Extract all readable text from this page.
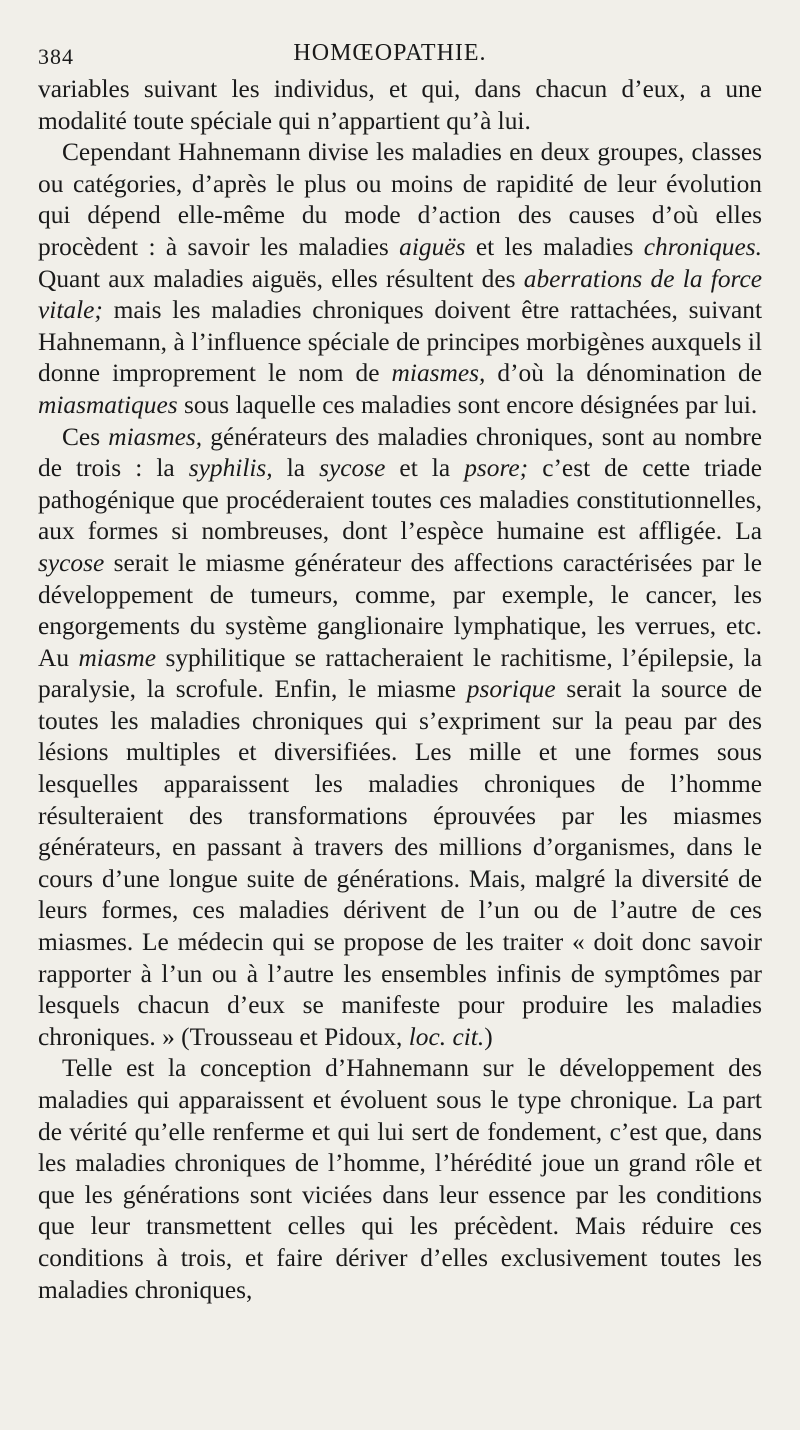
384	HOMŒOPATHIE.

variables suivant les individus, et qui, dans chacun d’eux, a une modalité toute spéciale qui n’appartient qu’à lui.

Cependant Hahnemann divise les maladies en deux groupes, classes ou catégories, d’après le plus ou moins de rapidité de leur évolution qui dépend elle-même du mode d’action des causes d’où elles procèdent : à savoir les maladies aiguës et les maladies chroniques. Quant aux maladies aiguës, elles résultent des aberrations de la force vitale; mais les maladies chroniques doivent être rattachées, suivant Hahnemann, à l’influence spéciale de principes morbigènes auxquels il donne improprement le nom de miasmes, d’où la dénomination de miasmatiques sous laquelle ces maladies sont encore désignées par lui.

Ces miasmes, générateurs des maladies chroniques, sont au nombre de trois : la syphilis, la sycose et la psore; c’est de cette triade pathogénique que procéderaient toutes ces maladies constitutionnelles, aux formes si nombreuses, dont l’espèce humaine est affligée. La sycose serait le miasme générateur des affections caractérisées par le développement de tumeurs, comme, par exemple, le cancer, les engorgements du système ganglionaire lymphatique, les verrues, etc. Au miasme syphilitique se rattacheraient le rachitisme, l’épilepsie, la paralysie, la scrofule. Enfin, le miasme psorique serait la source de toutes les maladies chroniques qui s’expriment sur la peau par des lésions multiples et diversifiées. Les mille et une formes sous lesquelles apparaissent les maladies chroniques de l’homme résulteraient des transformations éprouvées par les miasmes générateurs, en passant à travers des millions d’organismes, dans le cours d’une longue suite de générations. Mais, malgré la diversité de leurs formes, ces maladies dérivent de l’un ou de l’autre de ces miasmes. Le médecin qui se propose de les traiter « doit donc savoir rapporter à l’un ou à l’autre les ensembles infinis de symptômes par lesquels chacun d’eux se manifeste pour produire les maladies chroniques. » (Trousseau et Pidoux, loc. cit.)

Telle est la conception d’Hahnemann sur le développement des maladies qui apparaissent et évoluent sous le type chronique. La part de vérité qu’elle renferme et qui lui sert de fondement, c’est que, dans les maladies chroniques de l’homme, l’hérédité joue un grand rôle et que les générations sont viciées dans leur essence par les conditions que leur transmettent celles qui les précèdent. Mais réduire ces conditions à trois, et faire dériver d’elles exclusivement toutes les maladies chroniques,
